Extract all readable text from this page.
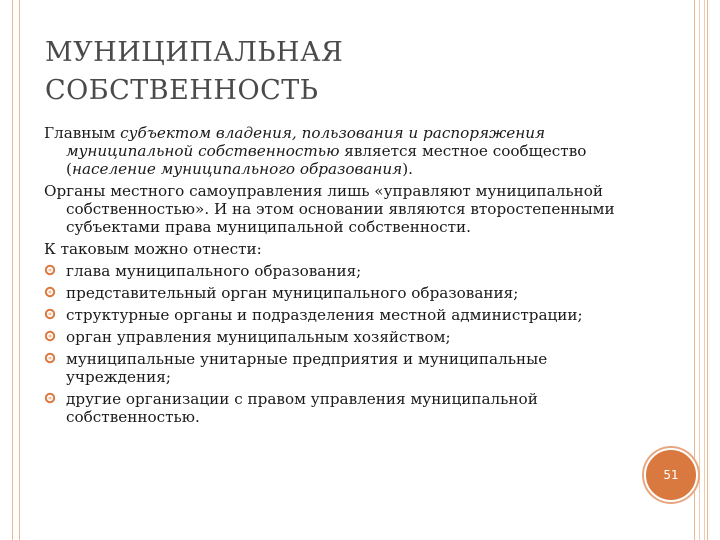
МУНИЦИПАЛЬНАЯ
СОБСТВЕННОСТЬ
Главным субъектом владения, пользования и распоряжения муниципальной собственностью является местное сообщество (население муниципального образования).
Органы местного самоуправления лишь «управляют муниципальной собственностью». И на этом основании являются второстепенными субъектами права муниципальной собственности.
К таковым можно отнести:
глава муниципального образования;
представительный орган муниципального образования;
структурные органы и подразделения местной администрации;
орган управления муниципальным хозяйством;
муниципальные унитарные предприятия и муниципальные учреждения;
другие организации с правом управления муниципальной собственностью.
51
